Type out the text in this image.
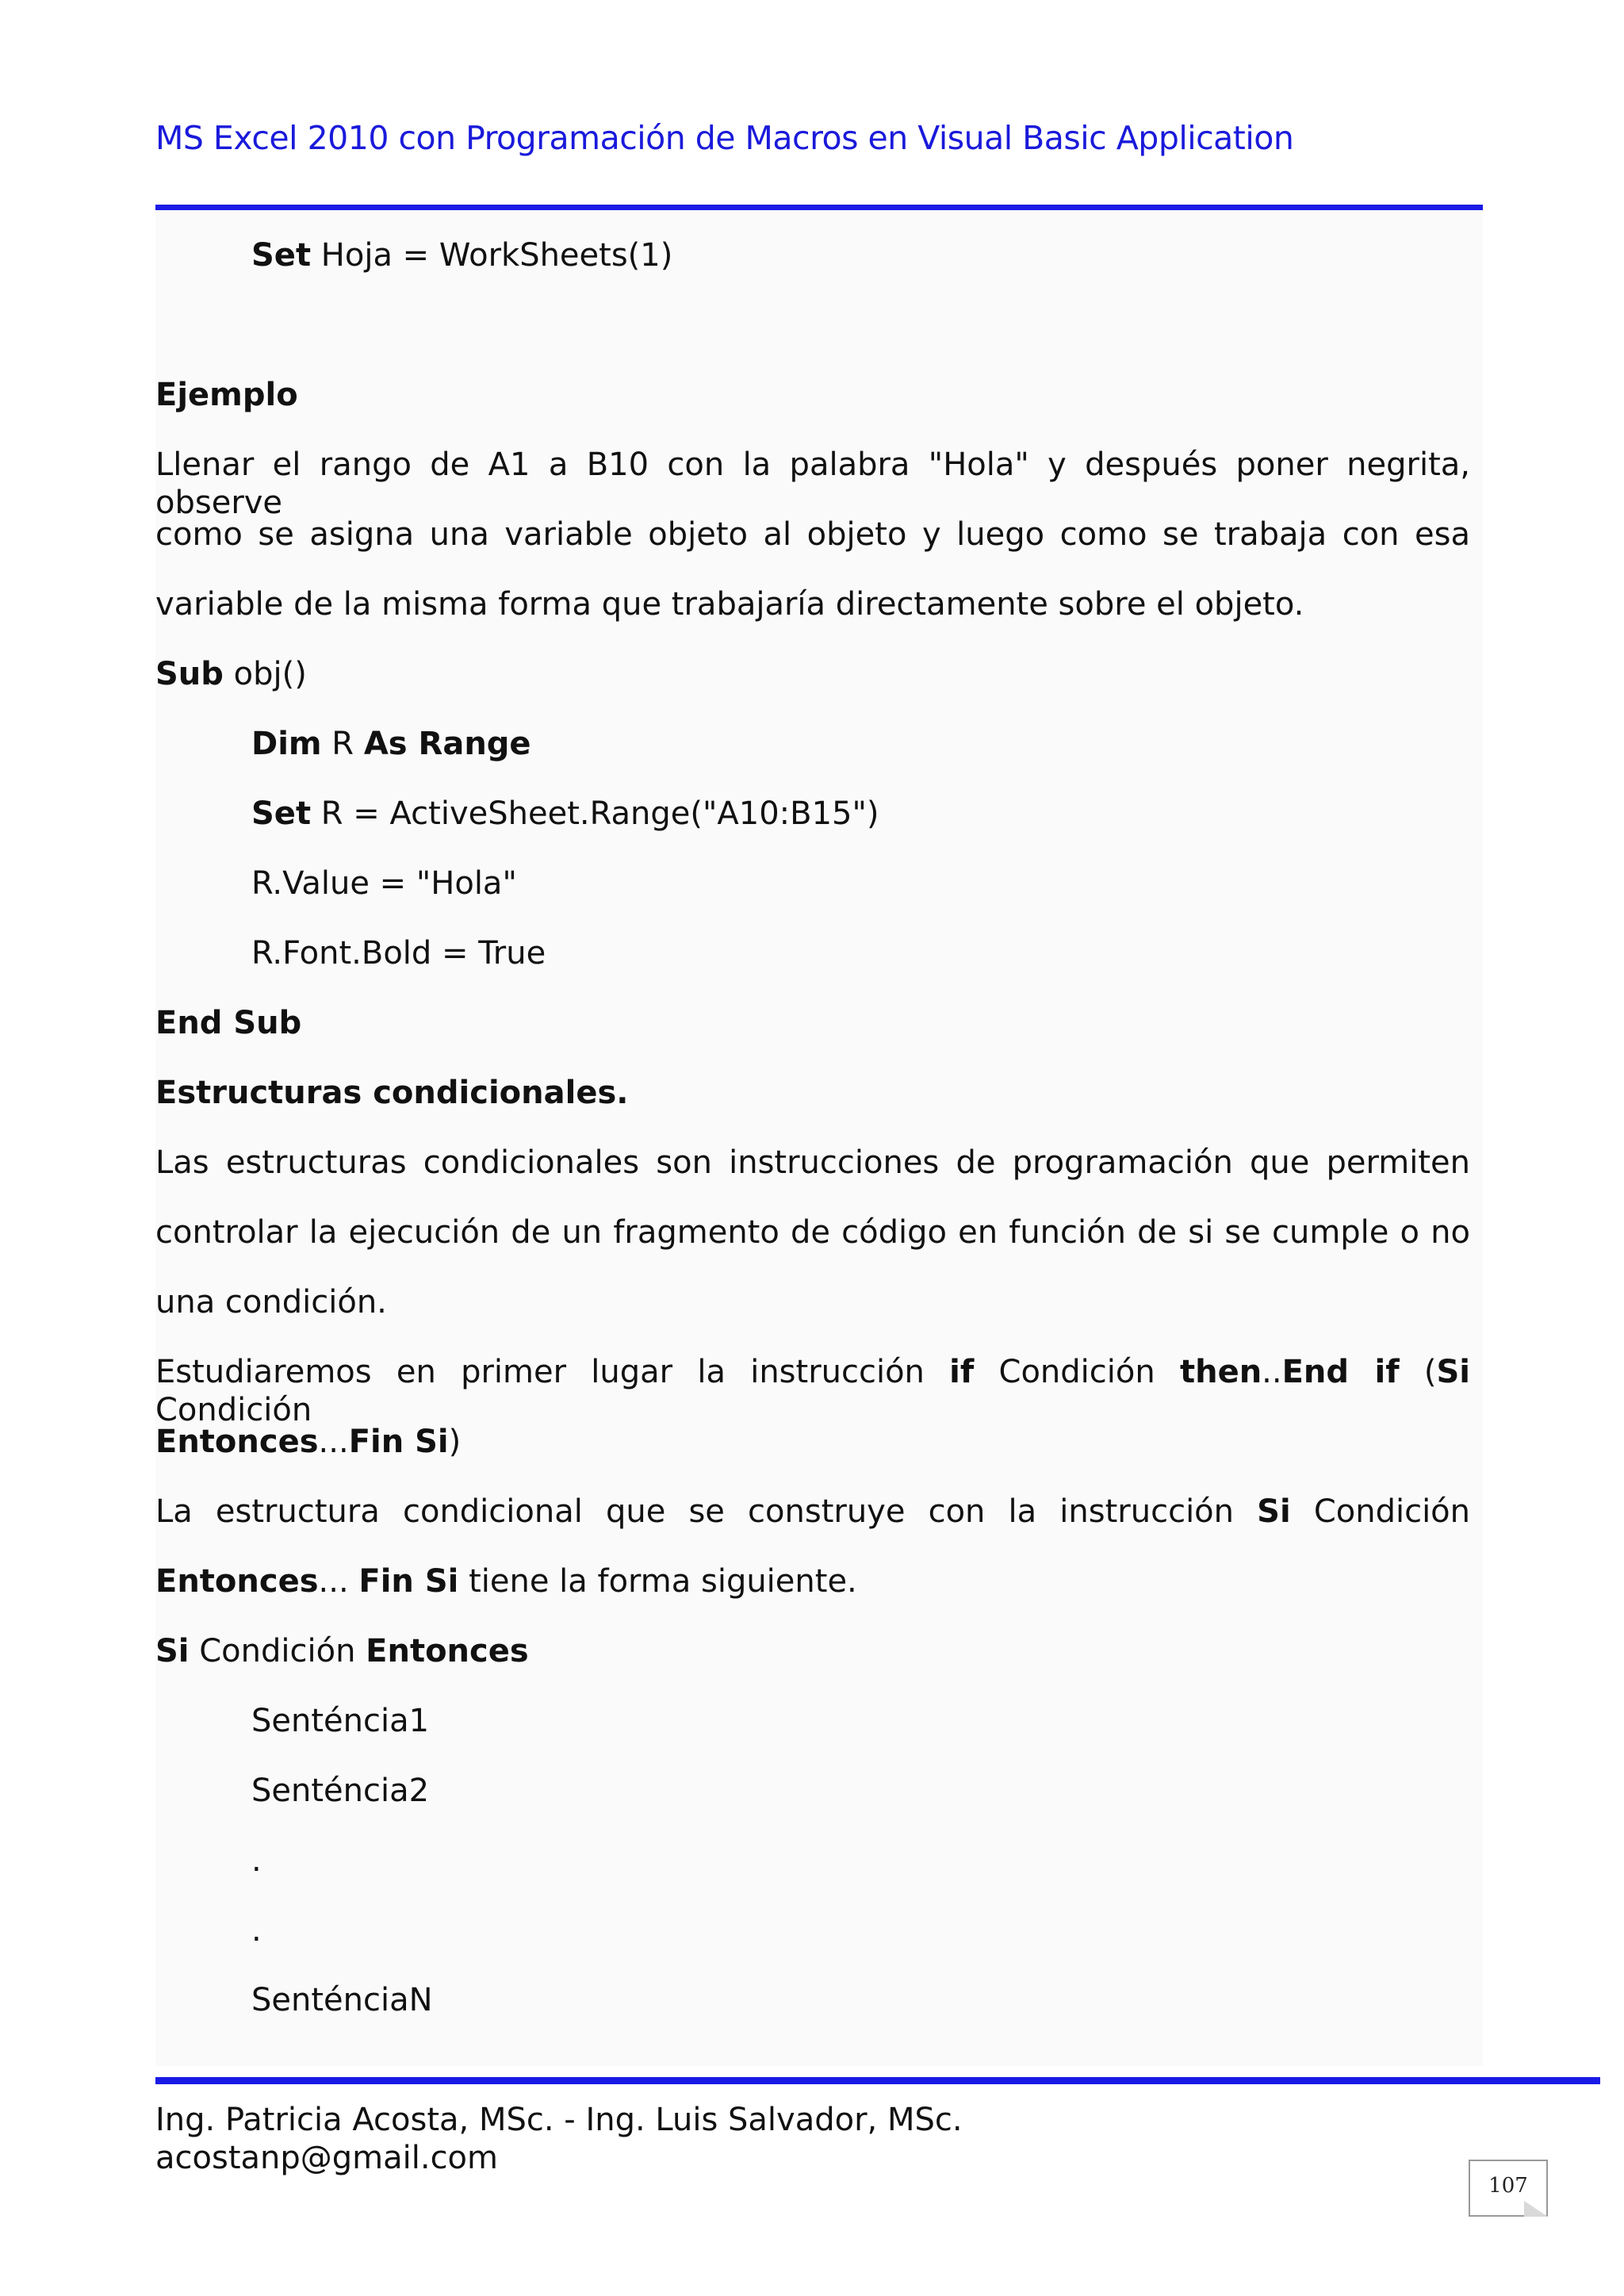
MS Excel 2010 con Programación de Macros en Visual Basic Application
Set Hoja = WorkSheets(1)
Ejemplo
Llenar el rango de A1 a B10 con la palabra "Hola" y después poner negrita, observe
como se asigna una variable objeto al objeto y luego como se trabaja con esa
variable de la misma forma que trabajaría directamente sobre el objeto.
Sub obj()
Dim R As Range
Set R = ActiveSheet.Range("A10:B15")
R.Value = "Hola"
R.Font.Bold = True
End Sub
Estructuras condicionales.
Las estructuras condicionales son instrucciones de programación que permiten
controlar la ejecución de un fragmento de código en función de si se cumple o no
una condición.
Estudiaremos en primer lugar la instrucción if Condición then..End if (Si Condición
Entonces...Fin Si)
La estructura condicional que se construye con la instrucción Si Condición
Entonces... Fin Si tiene la forma siguiente.
Si Condición Entonces
Senténcia1
Senténcia2
.
.
SenténciaN
Ing. Patricia Acosta, MSc. - Ing. Luis Salvador, MSc.
acostanp@gmail.com
107
